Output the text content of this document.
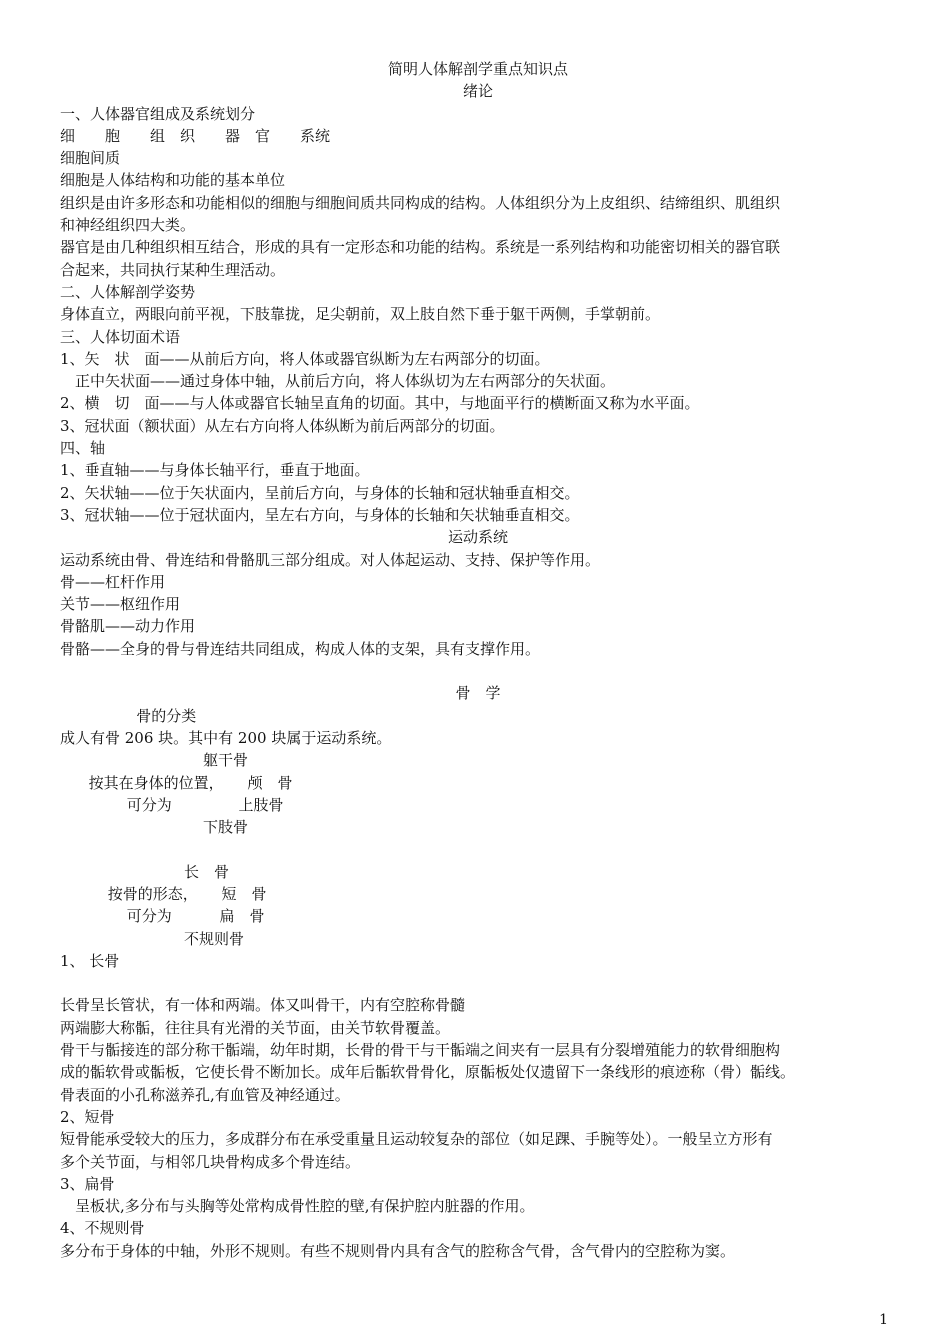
简明人体解剖学重点知识点

绪论

一、人体器官组成及系统划分

细　　胞　　组　织　　器　官　　系统

细胞间质

细胞是人体结构和功能的基本单位

组织是由许多形态和功能相似的细胞与细胞间质共同构成的结构。人体组织分为上皮组织、结缔组织、肌组织

和神经组织四大类。

器官是由几种组织相互结合，形成的具有一定形态和功能的结构。系统是一系列结构和功能密切相关的器官联

合起来，共同执行某种生理活动。

二、人体解剖学姿势

身体直立，两眼向前平视，下肢靠拢，足尖朝前，双上肢自然下垂于躯干两侧，手掌朝前。

三、人体切面术语

1、矢　状　面——从前后方向，将人体或器官纵断为左右两部分的切面。

　正中矢状面——通过身体中轴，从前后方向，将人体纵切为左右两部分的矢状面。

2、横　切　面——与人体或器官长轴呈直角的切面。其中，与地面平行的横断面又称为水平面。

3、冠状面（额状面）从左右方向将人体纵断为前后两部分的切面。

四、轴

1、垂直轴——与身体长轴平行，垂直于地面。

2、矢状轴——位于矢状面内，呈前后方向，与身体的长轴和冠状轴垂直相交。

3、冠状轴——位于冠状面内，呈左右方向，与身体的长轴和矢状轴垂直相交。

运动系统

运动系统由骨、骨连结和骨骼肌三部分组成。对人体起运动、支持、保护等作用。

骨——杠杆作用

关节——枢纽作用

骨骼肌——动力作用

骨骼——全身的骨与骨连结共同组成，构成人体的支架，具有支撑作用。

骨　学

骨的分类

成人有骨 206 块。其中有 200 块属于运动系统。

躯干骨

按其在身体的位置，     颅　骨

可分为              上肢骨

下肢骨

长　骨

按骨的形态，     短　骨

可分为          扁　骨

不规则骨

1、 长骨

长骨呈长管状，有一体和两端。体又叫骨干，内有空腔称骨髓

两端膨大称骺，往往具有光滑的关节面，由关节软骨覆盖。

骨干与骺接连的部分称干骺端，幼年时期，长骨的骨干与干骺端之间夹有一层具有分裂增殖能力的软骨细胞构

成的骺软骨或骺板，它使长骨不断加长。成年后骺软骨骨化，原骺板处仅遗留下一条线形的痕迹称（骨）骺线。

骨表面的小孔称滋养孔,有血管及神经通过。

2、短骨

短骨能承受较大的压力，多成群分布在承受重量且运动较复杂的部位（如足踝、手腕等处）。一般呈立方形有

多个关节面，与相邻几块骨构成多个骨连结。

3、扁骨

　呈板状,多分布与头胸等处常构成骨性腔的壁,有保护腔内脏器的作用。

4、不规则骨

多分布于身体的中轴，外形不规则。有些不规则骨内具有含气的腔称含气骨，含气骨内的空腔称为窦。

1
